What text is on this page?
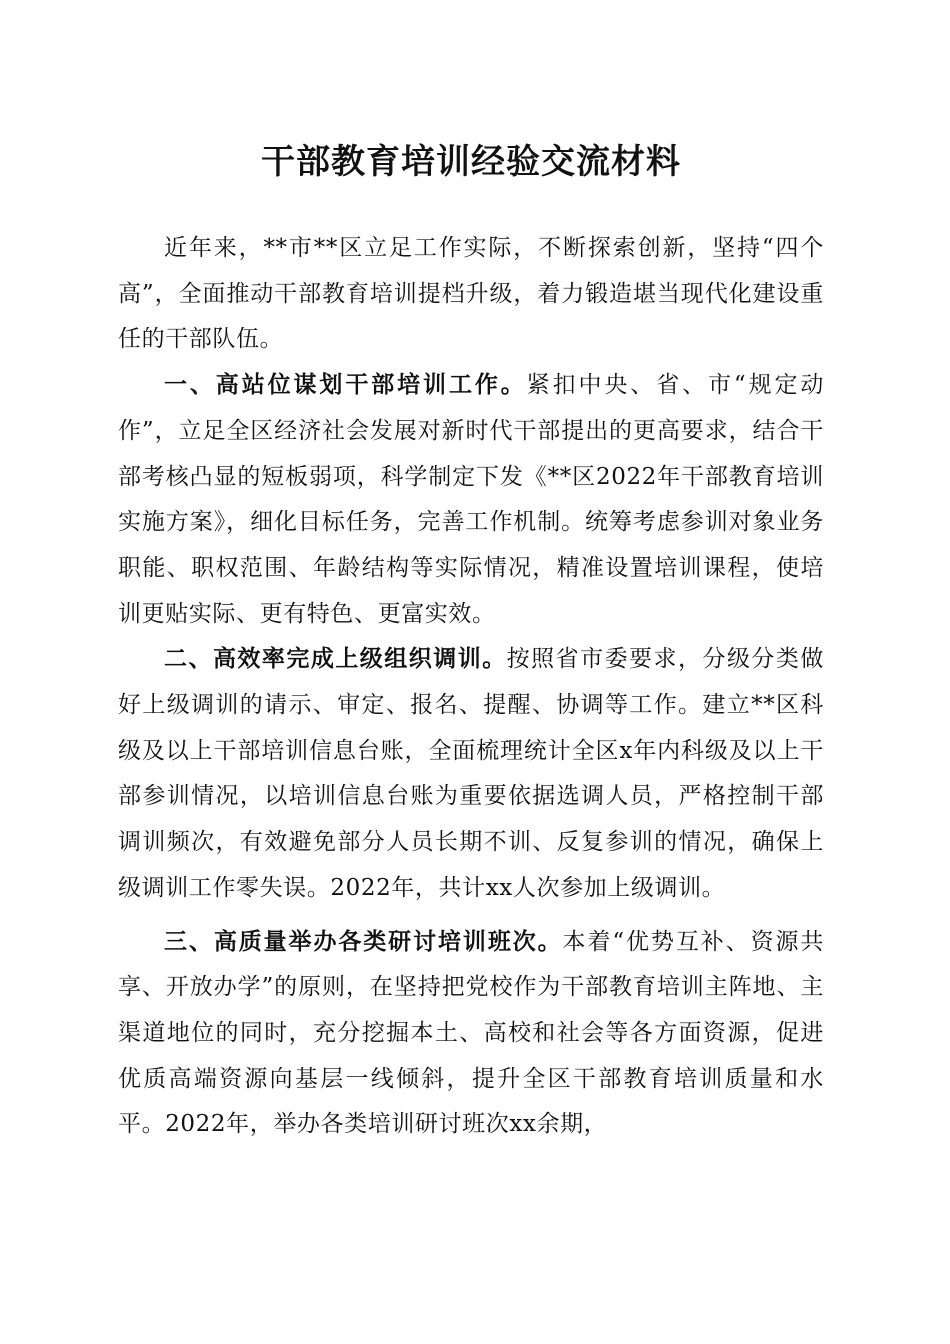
干部教育培训经验交流材料

近年来，**市**区立足工作实际，不断探索创新，坚持“四个高”，全面推动干部教育培训提档升级，着力锻造堪当现代化建设重任的干部队伍。

一、高站位谋划干部培训工作。紧扣中央、省、市“规定动作”，立足全区经济社会发展对新时代干部提出的更高要求，结合干部考核凸显的短板弱项，科学制定下发《**区2022年干部教育培训实施方案》，细化目标任务，完善工作机制。统筹考虑参训对象业务职能、职权范围、年龄结构等实际情况，精准设置培训课程，使培训更贴实际、更有特色、更富实效。

二、高效率完成上级组织调训。按照省市委要求，分级分类做好上级调训的请示、审定、报名、提醒、协调等工作。建立**区科级及以上干部培训信息台账，全面梳理统计全区x年内科级及以上干部参训情况，以培训信息台账为重要依据选调人员，严格控制干部调训频次，有效避免部分人员长期不训、反复参训的情况，确保上级调训工作零失误。2022年，共计xx人次参加上级调训。

三、高质量举办各类研讨培训班次。本着“优势互补、资源共享、开放办学”的原则，在坚持把党校作为干部教育培训主阵地、主渠道地位的同时，充分挖掘本土、高校和社会等各方面资源，促进优质高端资源向基层一线倾斜，提升全区干部教育培训质量和水平。2022年，举办各类培训研讨班次xx余期，
